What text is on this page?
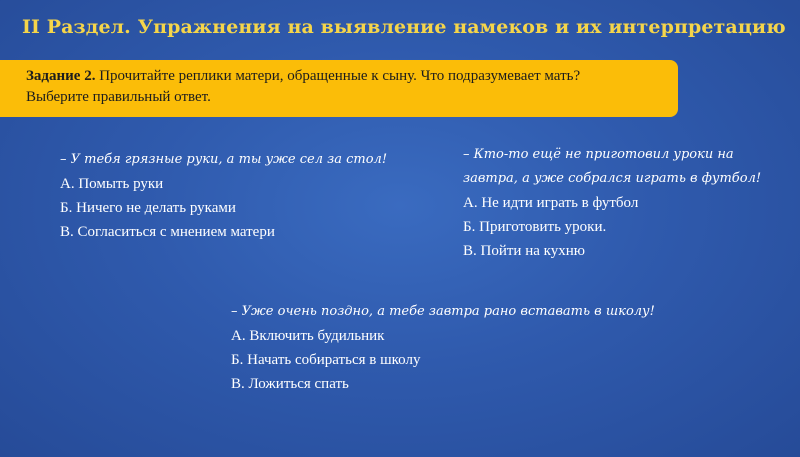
II Раздел. Упражнения на выявление намеков и их интерпретацию
Задание 2. Прочитайте реплики матери, обращенные к сыну. Что подразумевает мать?
Выберите правильный ответ.
– У тебя грязные руки, а ты уже сел за стол!
А. Помыть руки
Б. Ничего не делать руками
В. Согласиться с мнением матери
– Кто-то ещё не приготовил уроки на
завтра, а уже собрался играть в футбол!
А. Не идти играть в футбол
Б. Приготовить уроки.
В. Пойти на кухню
– Уже очень поздно, а тебе завтра рано вставать в школу!
А. Включить будильник
Б. Начать собираться в школу
В. Ложиться спать
